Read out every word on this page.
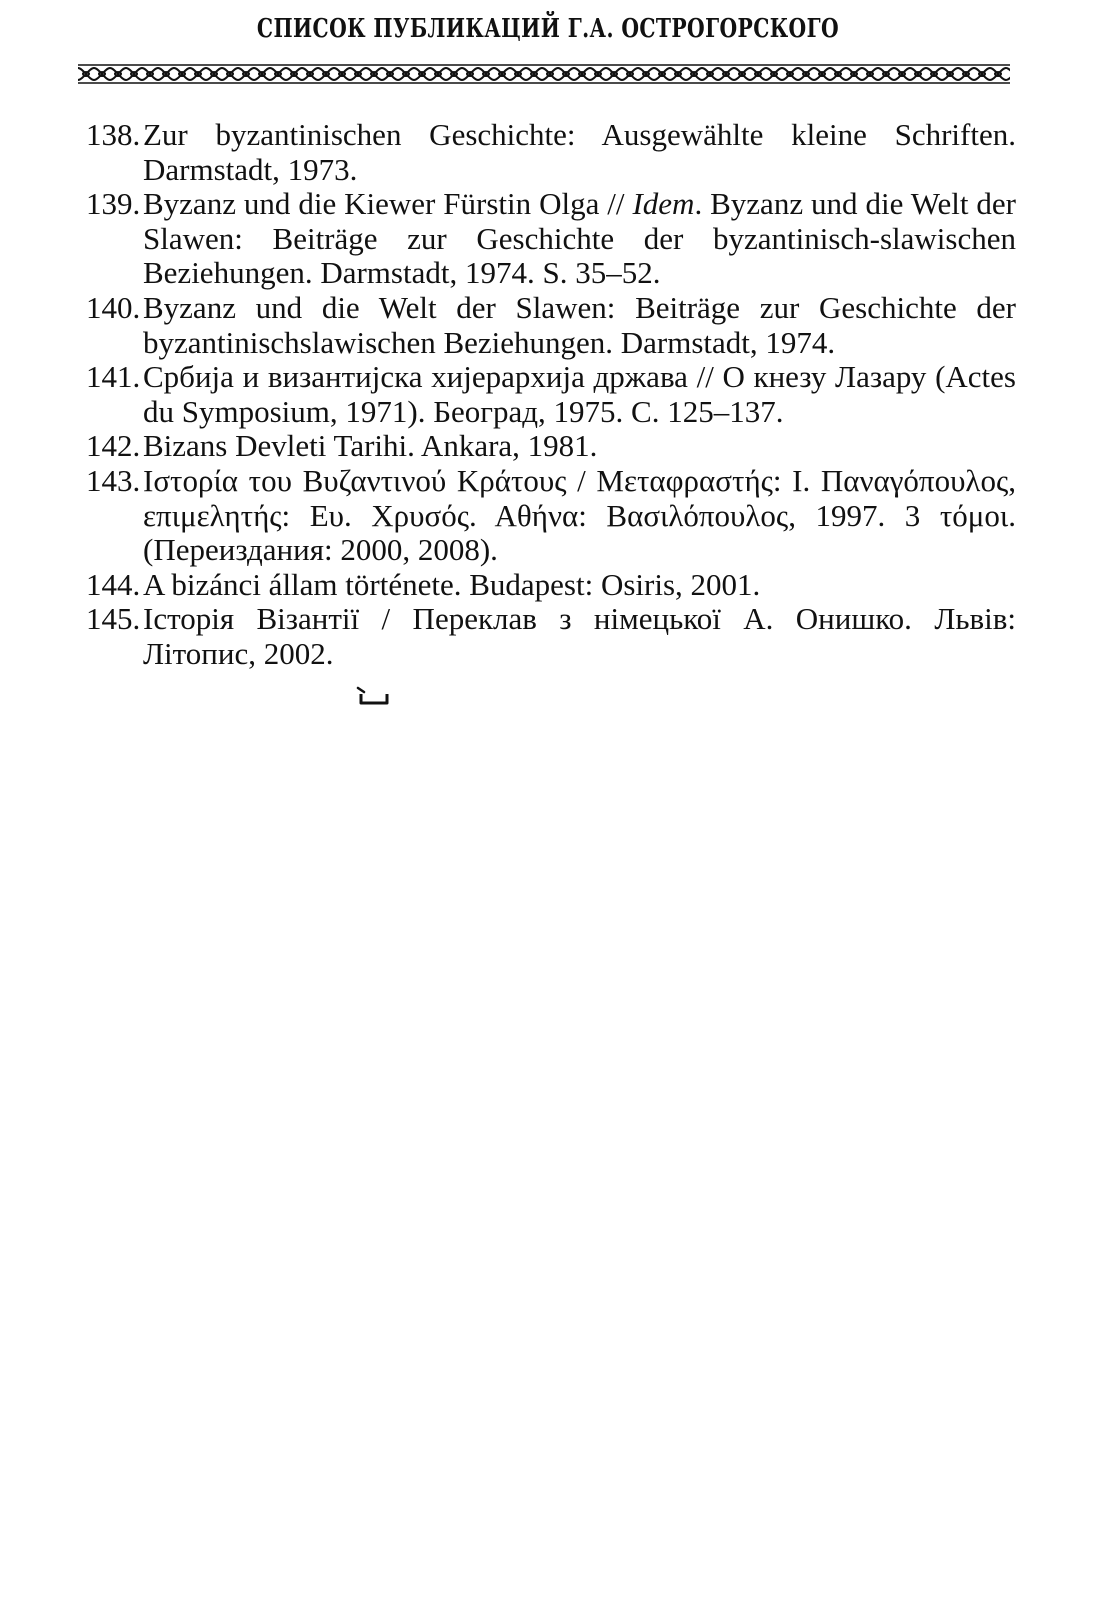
СПИСОК ПУБЛИКАЦИЙ Г.А. ОСТРОГОРСКОГО
138. Zur byzantinischen Geschichte: Ausgewählte kleine Schriften. Darmstadt, 1973.
139. Byzanz und die Kiewer Fürstin Olga // Idem. Byzanz und die Welt der Slawen: Beiträge zur Geschichte der byzantinisch-slawischen Beziehungen. Darmstadt, 1974. S. 35–52.
140. Byzanz und die Welt der Slawen: Beiträge zur Geschichte der byzantinischslawischen Beziehungen. Darmstadt, 1974.
141. Србија и византијска хијерархија држава // О кнезу Лазару (Actes du Symposium, 1971). Београд, 1975. С. 125–137.
142. Bizans Devleti Tarihi. Ankara, 1981.
143. Ιστορία του Βυζαντινού Κράτους / Μεταφραστής: Ι. Παναγόπουλος, επιμελητής: Ευ. Χρυσός. Αθήνα: Βασιλόπουλος, 1997. 3 τόμοι. (Переиздания: 2000, 2008).
144. A bizánci állam története. Budapest: Osiris, 2001.
145. Історія Візантії / Переклав з німецької А. Онишко. Львів: Літопис, 2002.
